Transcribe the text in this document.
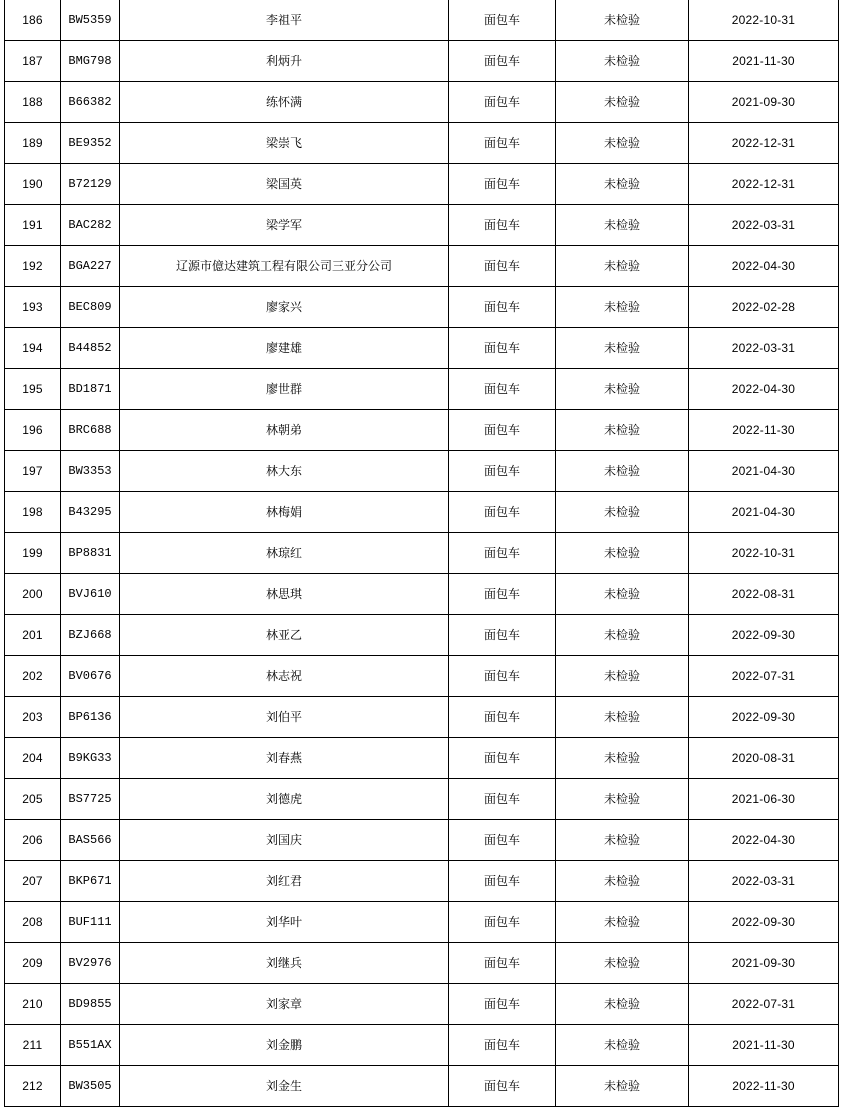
186	BW5359	李祖平	面包车	未检验	2022-10-31
187	BMG798	利炳升	面包车	未检验	2021-11-30
188	B66382	练怀满	面包车	未检验	2021-09-30
189	BE9352	梁崇飞	面包车	未检验	2022-12-31
190	B72129	梁国英	面包车	未检验	2022-12-31
191	BAC282	梁学军	面包车	未检验	2022-03-31
192	BGA227	辽源市億达建筑工程有限公司三亚分公司	面包车	未检验	2022-04-30
193	BEC809	廖家兴	面包车	未检验	2022-02-28
194	B44852	廖建雄	面包车	未检验	2022-03-31
195	BD1871	廖世群	面包车	未检验	2022-04-30
196	BRC688	林朝弟	面包车	未检验	2022-11-30
197	BW3353	林大东	面包车	未检验	2021-04-30
198	B43295	林梅娟	面包车	未检验	2021-04-30
199	BP8831	林琼红	面包车	未检验	2022-10-31
200	BVJ610	林思琪	面包车	未检验	2022-08-31
201	BZJ668	林亚乙	面包车	未检验	2022-09-30
202	BV0676	林志祝	面包车	未检验	2022-07-31
203	BP6136	刘伯平	面包车	未检验	2022-09-30
204	B9KG33	刘春燕	面包车	未检验	2020-08-31
205	BS7725	刘德虎	面包车	未检验	2021-06-30
206	BAS566	刘国庆	面包车	未检验	2022-04-30
207	BKP671	刘红君	面包车	未检验	2022-03-31
208	BUF111	刘华叶	面包车	未检验	2022-09-30
209	BV2976	刘继兵	面包车	未检验	2021-09-30
210	BD9855	刘家章	面包车	未检验	2022-07-31
211	B551AX	刘金鹏	面包车	未检验	2021-11-30
212	BW3505	刘金生	面包车	未检验	2022-11-30
